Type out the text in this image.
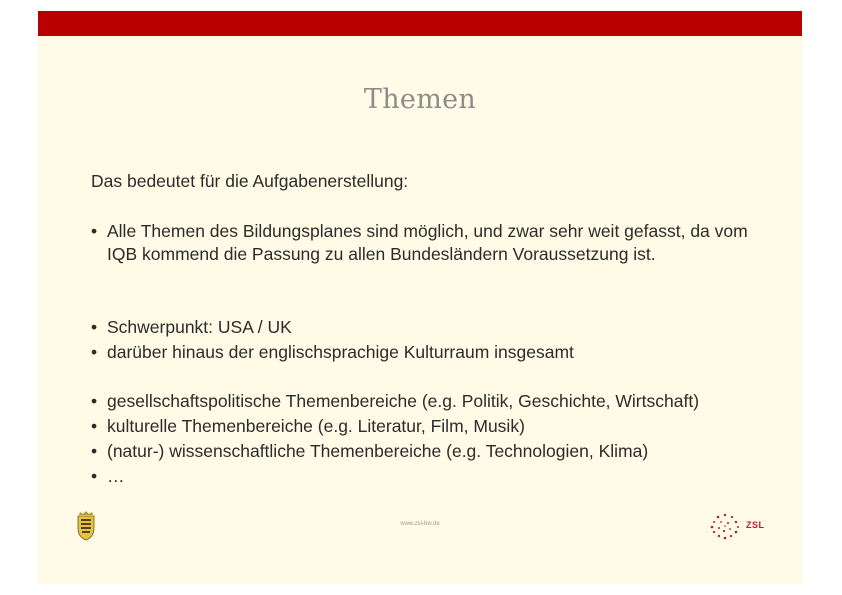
Themen
Das bedeutet für die Aufgabenerstellung:
• Alle Themen des Bildungsplanes sind möglich, und zwar sehr weit gefasst, da vom IQB kommend die Passung zu allen Bundesländern Voraussetzung ist.
• Schwerpunkt: USA / UK
• darüber hinaus der englischsprachige Kulturraum insgesamt
• gesellschaftspolitische Themenbereiche (e.g. Politik, Geschichte, Wirtschaft)
• kulturelle Themenbereiche (e.g. Literatur, Film, Musik)
• (natur-) wissenschaftliche Themenbereiche (e.g. Technologien, Klima)
• …
www.zsl-bw.de	ZSL
